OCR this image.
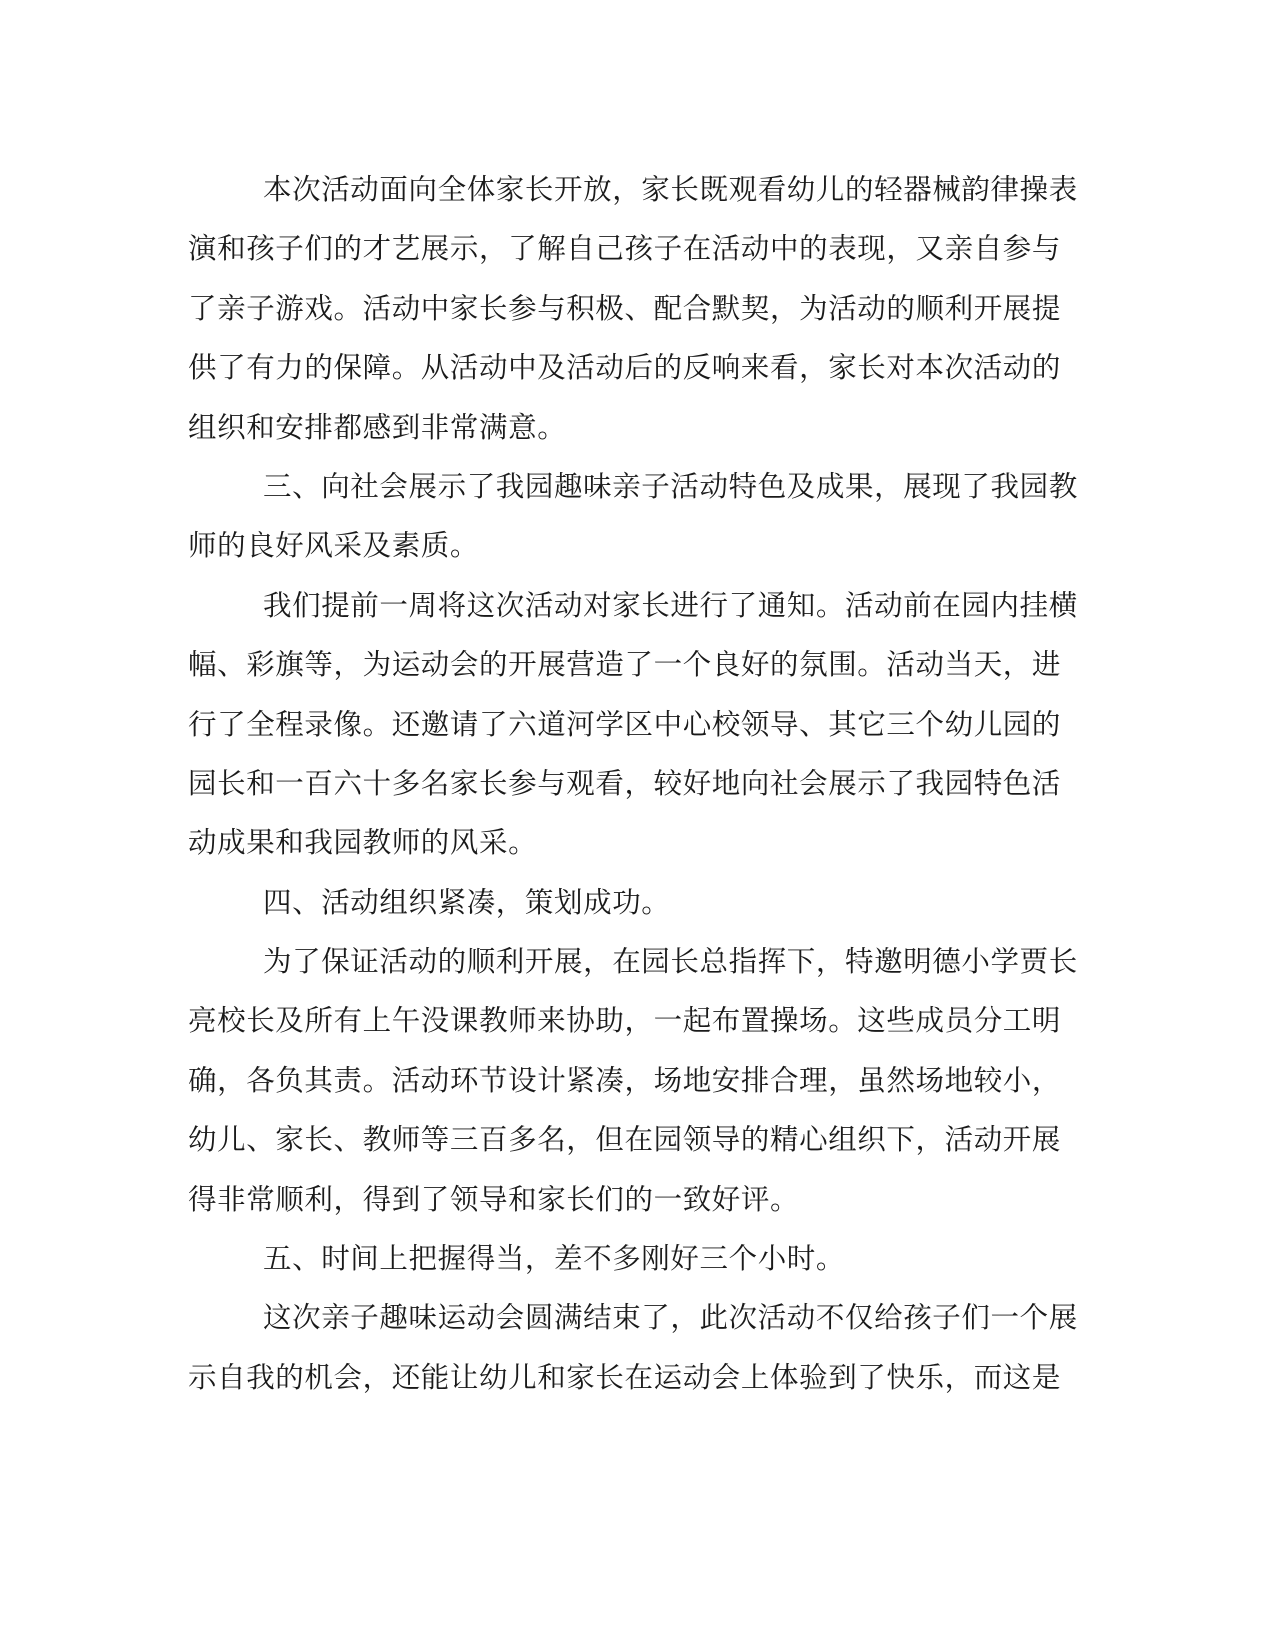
本次活动面向全体家长开放，家长既观看幼儿的轻器械韵律操表
演和孩子们的才艺展示，了解自己孩子在活动中的表现，又亲自参与
了亲子游戏。活动中家长参与积极、配合默契，为活动的顺利开展提
供了有力的保障。从活动中及活动后的反响来看，家长对本次活动的
组织和安排都感到非常满意。
三、向社会展示了我园趣味亲子活动特色及成果，展现了我园教
师的良好风采及素质。
我们提前一周将这次活动对家长进行了通知。活动前在园内挂横
幅、彩旗等，为运动会的开展营造了一个良好的氛围。活动当天，进
行了全程录像。还邀请了六道河学区中心校领导、其它三个幼儿园的
园长和一百六十多名家长参与观看，较好地向社会展示了我园特色活
动成果和我园教师的风采。
四、活动组织紧凑，策划成功。
为了保证活动的顺利开展，在园长总指挥下，特邀明德小学贾长
亮校长及所有上午没课教师来协助，一起布置操场。这些成员分工明
确，各负其责。活动环节设计紧凑，场地安排合理，虽然场地较小，
幼儿、家长、教师等三百多名，但在园领导的精心组织下，活动开展
得非常顺利，得到了领导和家长们的一致好评。
五、时间上把握得当，差不多刚好三个小时。
这次亲子趣味运动会圆满结束了，此次活动不仅给孩子们一个展
示自我的机会，还能让幼儿和家长在运动会上体验到了快乐，而这是
